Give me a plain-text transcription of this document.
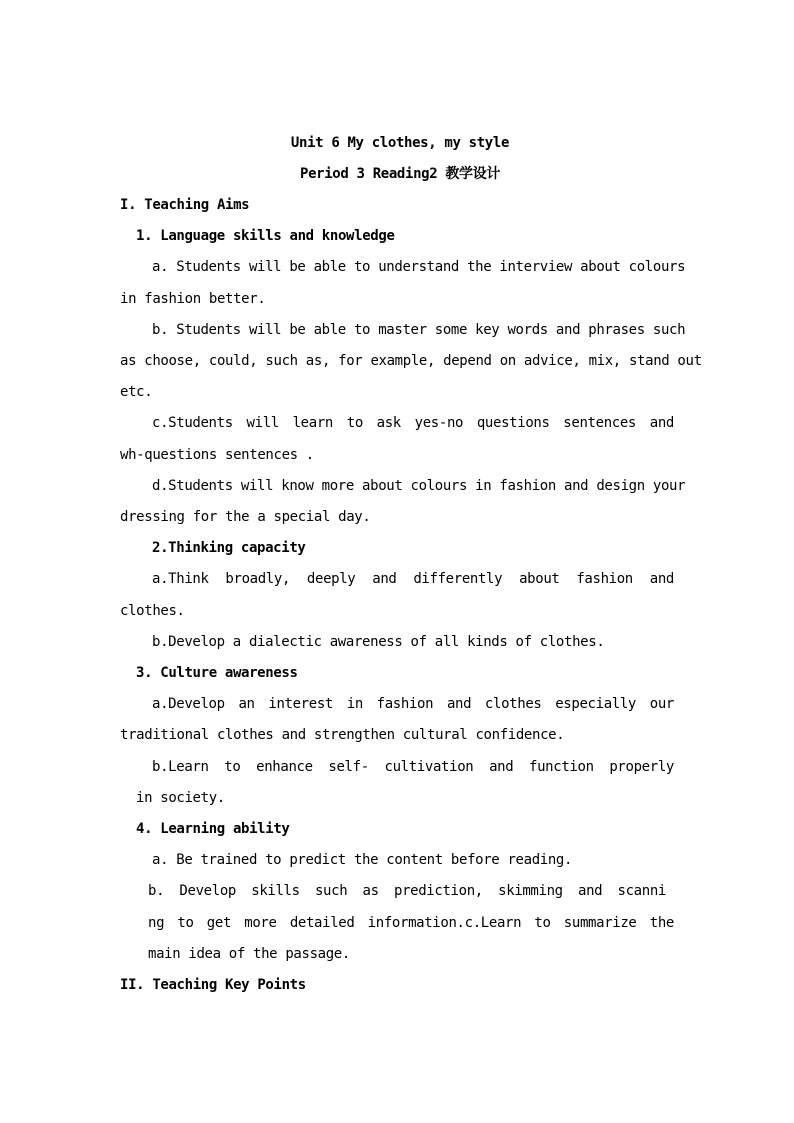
Unit 6 My clothes, my style

Period 3 Reading2 教学设计

I. Teaching Aims

1. Language skills and knowledge

a. Students will be able to understand the interview about colours

in fashion better.

b. Students will be able to master some key words and phrases such

as choose, could, such as, for example, depend on advice, mix, stand out

etc.

c.Students will learn to ask yes-no questions sentences and

wh-questions sentences .

d.Students will know more about colours in fashion and design your

dressing for the a special day.

2.Thinking capacity

a.Think broadly, deeply and differently about fashion and

clothes.

b.Develop a dialectic awareness of all kinds of clothes.

3. Culture awareness

a.Develop an interest in fashion and clothes especially our

traditional clothes and strengthen cultural confidence.

b.Learn to enhance self- cultivation and function properly

in society.

4. Learning ability

a. Be trained to predict the content before reading.

b. Develop skills such as prediction, skimming and scanni

ng to get more detailed information.c.Learn to summarize the

main idea of the passage.

II. Teaching Key Points
